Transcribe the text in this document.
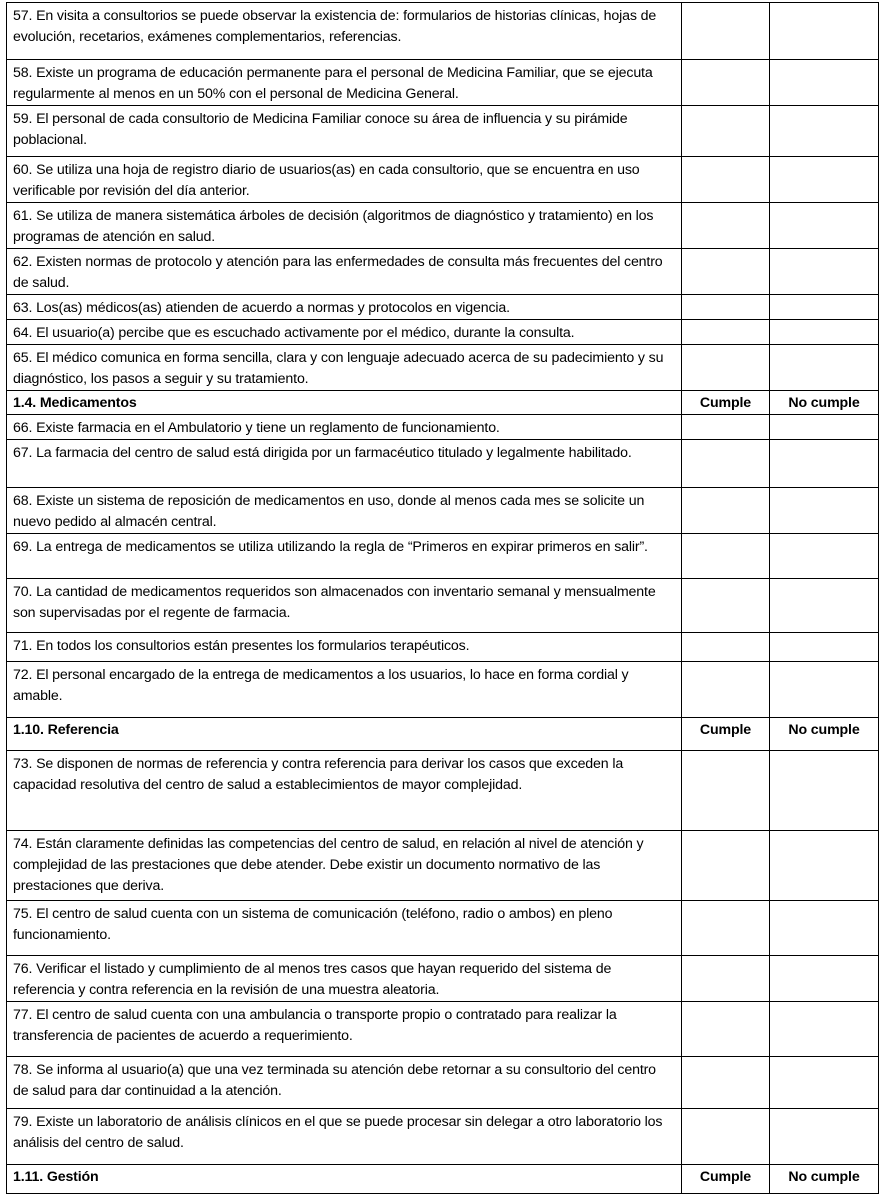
57. En visita a consultorios se puede observar la existencia de: formularios de historias clínicas, hojas de evolución, recetarios, exámenes complementarios, referencias.		
58. Existe un programa de educación permanente para el personal de Medicina Familiar, que se ejecuta regularmente al menos en un 50% con el personal de Medicina General.		
59. El personal de cada consultorio de Medicina Familiar conoce su área de influencia y su pirámide poblacional.		
60. Se utiliza una hoja de registro diario de usuarios(as) en cada consultorio, que se encuentra en uso verificable por revisión del día anterior.		
61. Se utiliza de manera sistemática árboles de decisión (algoritmos de diagnóstico y tratamiento) en los programas de atención en salud.		
62. Existen normas de protocolo y atención para las enfermedades de consulta más frecuentes del centro de salud.		
63. Los(as) médicos(as) atienden de acuerdo a normas y protocolos en vigencia.		
64. El usuario(a) percibe que es escuchado activamente por el médico, durante la consulta.		
65. El médico comunica en forma sencilla, clara y con lenguaje adecuado acerca de su padecimiento y su diagnóstico, los pasos a seguir y su tratamiento.		
1.4. Medicamentos	Cumple	No cumple
66. Existe farmacia en el Ambulatorio y tiene un reglamento de funcionamiento.		
67. La farmacia del centro de salud está dirigida por un farmacéutico titulado y legalmente habilitado.		
68. Existe un sistema de reposición de medicamentos en uso, donde al menos cada mes se solicite un nuevo pedido al almacén central.		
69. La entrega de medicamentos se utiliza utilizando la regla de “Primeros en expirar primeros en salir”.		
70. La cantidad de medicamentos requeridos son almacenados con inventario semanal y mensualmente son supervisadas por el regente de farmacia.		
71. En todos los consultorios están presentes los formularios terapéuticos.		
72. El personal encargado de la entrega de medicamentos a los usuarios, lo hace en forma cordial y amable.		
1.10. Referencia	Cumple	No cumple
73. Se disponen de normas de referencia y contra referencia para derivar los casos que exceden la capacidad resolutiva del centro de salud a establecimientos de mayor complejidad.		
74. Están claramente definidas las competencias del centro de salud, en relación al nivel de atención y complejidad de las prestaciones que debe atender. Debe existir un documento normativo de las prestaciones que deriva.		
75. El centro de salud cuenta con un sistema de comunicación (teléfono, radio o ambos) en pleno funcionamiento.		
76. Verificar el listado y cumplimiento de al menos tres casos que hayan requerido del sistema de referencia y contra referencia en la revisión de una muestra aleatoria.		
77. El centro de salud cuenta con una ambulancia o transporte propio o contratado para realizar la transferencia de pacientes de acuerdo a requerimiento.		
78. Se informa al usuario(a) que una vez terminada su atención debe retornar a su consultorio del centro de salud para dar continuidad a la atención.		
79. Existe un laboratorio de análisis clínicos en el que se puede procesar sin delegar a otro laboratorio los análisis del centro de salud.		
1.11. Gestión	Cumple	No cumple
